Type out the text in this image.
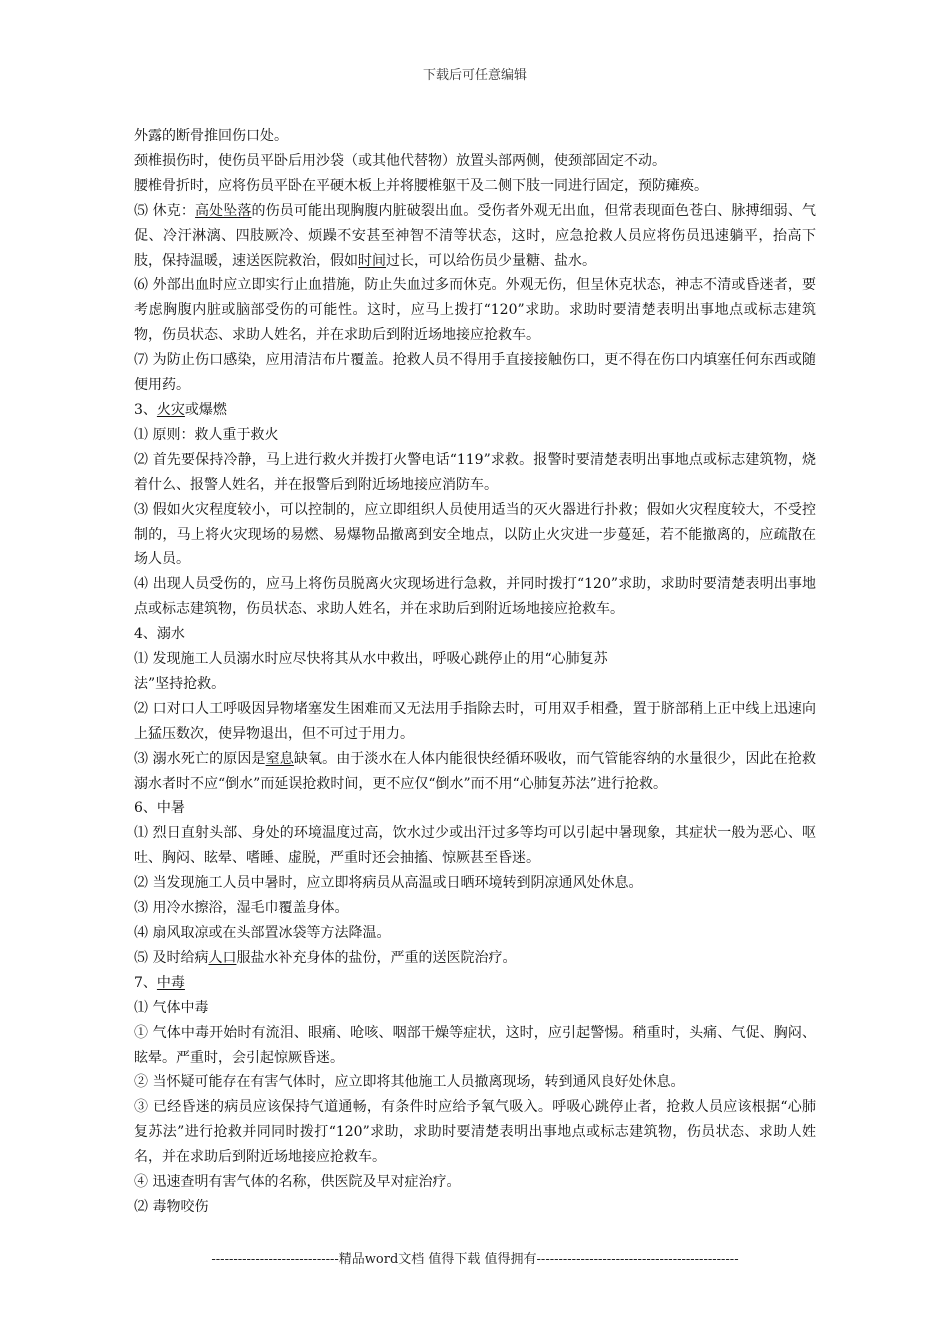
下载后可任意编辑

外露的断骨推回伤口处。

颈椎损伤时，使伤员平卧后用沙袋（或其他代替物）放置头部两侧，使颈部固定不动。

腰椎骨折时，应将伤员平卧在平硬木板上并将腰椎躯干及二侧下肢一同进行固定，预防瘫痪。

⑸ 休克：高处坠落的伤员可能出现胸腹内脏破裂出血。受伤者外观无出血，但常表现面色苍白、脉搏细弱、气促、冷汗淋漓、四肢厥冷、烦躁不安甚至神智不清等状态，这时，应急抢救人员应将伤员迅速躺平，抬高下肢，保持温暖，速送医院救治，假如时间过长，可以给伤员少量糖、盐水。

⑹ 外部出血时应立即实行止血措施，防止失血过多而休克。外观无伤，但呈休克状态，神志不清或昏迷者，要考虑胸腹内脏或脑部受伤的可能性。这时，应马上拨打“120”求助。求助时要清楚表明出事地点或标志建筑物，伤员状态、求助人姓名，并在求助后到附近场地接应抢救车。

⑺ 为防止伤口感染，应用清洁布片覆盖。抢救人员不得用手直接接触伤口，更不得在伤口内填塞任何东西或随便用药。

3、火灾或爆燃

⑴ 原则：救人重于救火

⑵ 首先要保持冷静，马上进行救火并拨打火警电话“119”求救。报警时要清楚表明出事地点或标志建筑物，烧着什么、报警人姓名，并在报警后到附近场地接应消防车。

⑶ 假如火灾程度较小，可以控制的，应立即组织人员使用适当的灭火器进行扑救；假如火灾程度较大，不受控制的，马上将火灾现场的易燃、易爆物品撤离到安全地点，以防止火灾进一步蔓延，若不能撤离的，应疏散在场人员。

⑷ 出现人员受伤的，应马上将伤员脱离火灾现场进行急救，并同时拨打“120”求助，求助时要清楚表明出事地点或标志建筑物，伤员状态、求助人姓名，并在求助后到附近场地接应抢救车。

4、溺水

⑴ 发现施工人员溺水时应尽快将其从水中救出，呼吸心跳停止的用“心肺复苏

法”坚持抢救。

⑵ 口对口人工呼吸因异物堵塞发生困难而又无法用手指除去时，可用双手相叠，置于脐部稍上正中线上迅速向上猛压数次，使异物退出，但不可过于用力。

⑶ 溺水死亡的原因是窒息缺氧。由于淡水在人体内能很快经循环吸收，而气管能容纳的水量很少，因此在抢救溺水者时不应“倒水”而延误抢救时间，更不应仅“倒水”而不用“心肺复苏法”进行抢救。

6、中暑

⑴ 烈日直射头部、身处的环境温度过高，饮水过少或出汗过多等均可以引起中暑现象，其症状一般为恶心、呕吐、胸闷、眩晕、嗜睡、虚脱，严重时还会抽搐、惊厥甚至昏迷。

⑵ 当发现施工人员中暑时，应立即将病员从高温或日晒环境转到阴凉通风处休息。

⑶ 用冷水擦浴，湿毛巾覆盖身体。

⑷ 扇风取凉或在头部置冰袋等方法降温。

⑸ 及时给病人口服盐水补充身体的盐份，严重的送医院治疗。

7、中毒

⑴ 气体中毒

① 气体中毒开始时有流泪、眼痛、呛咳、咽部干燥等症状，这时，应引起警惕。稍重时，头痛、气促、胸闷、眩晕。严重时，会引起惊厥昏迷。

② 当怀疑可能存在有害气体时，应立即将其他施工人员撤离现场，转到通风良好处休息。

③ 已经昏迷的病员应该保持气道通畅，有条件时应给予氧气吸入。呼吸心跳停止者，抢救人员应该根据“心肺复苏法”进行抢救并同同时拨打“120”求助，求助时要清楚表明出事地点或标志建筑物，伤员状态、求助人姓名，并在求助后到附近场地接应抢救车。

④ 迅速查明有害气体的名称，供医院及早对症治疗。

⑵ 毒物咬伤

-----------------------------精品word文档 值得下载 值得拥有----------------------------------------------
